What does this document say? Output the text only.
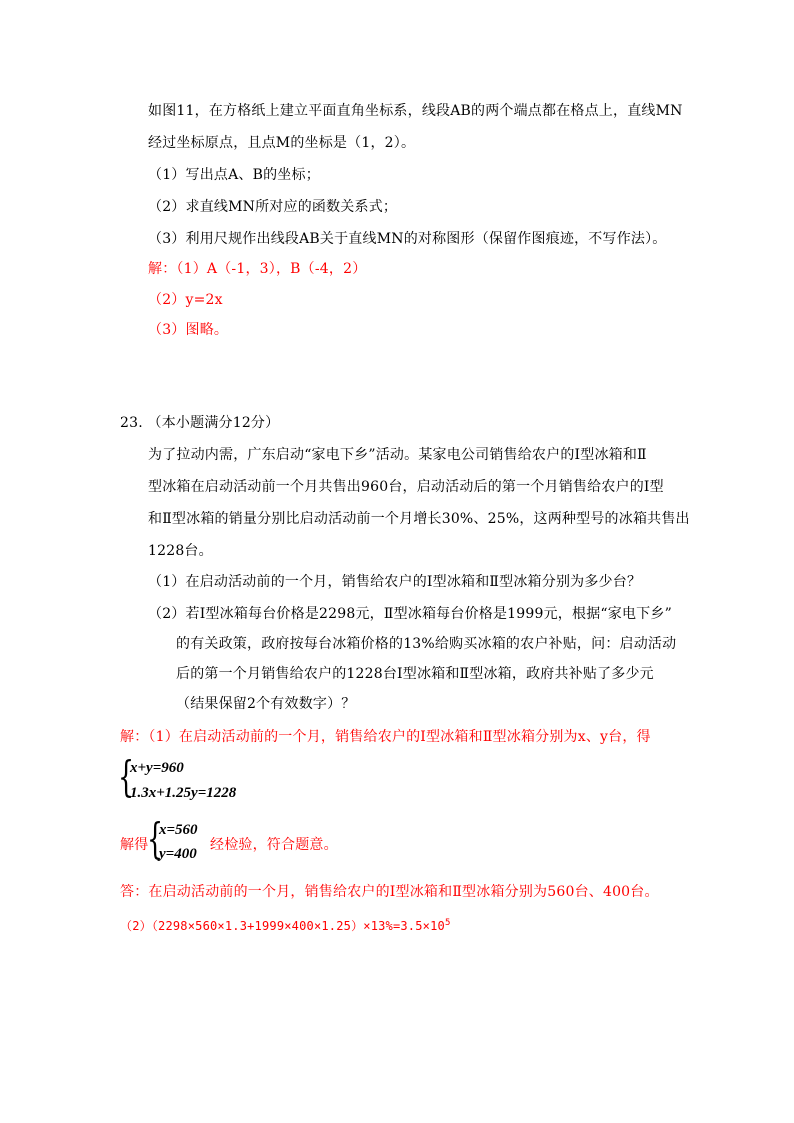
如图11，在方格纸上建立平面直角坐标系，线段AB的两个端点都在格点上，直线MN
经过坐标原点，且点M的坐标是（1，2）。
（1）写出点A、B的坐标；
（2）求直线MN所对应的函数关系式；
（3）利用尺规作出线段AB关于直线MN的对称图形（保留作图痕迹，不写作法）。
解：（1）A（-1，3），B（-4，2）
（2）y=2x
（3）图略。
23. （本小题满分12分）
为了拉动内需，广东启动“家电下乡”活动。某家电公司销售给农户的Ⅰ型冰箱和Ⅱ
型冰箱在启动活动前一个月共售出960台，启动活动后的第一个月销售给农户的Ⅰ型
和Ⅱ型冰箱的销量分别比启动活动前一个月增长30%、25%，这两种型号的冰箱共售出
1228台。
（1）在启动活动前的一个月，销售给农户的Ⅰ型冰箱和Ⅱ型冰箱分别为多少台？
（2）若Ⅰ型冰箱每台价格是2298元，Ⅱ型冰箱每台价格是1999元，根据“家电下乡”
的有关政策，政府按每台冰箱价格的13%给购买冰箱的农户补贴，问：启动活动
后的第一个月销售给农户的1228台Ⅰ型冰箱和Ⅱ型冰箱，政府共补贴了多少元
（结果保留2个有效数字）？
解：（1）在启动活动前的一个月，销售给农户的Ⅰ型冰箱和Ⅱ型冰箱分别为x、y台，得
{
x+y=960
1.3x+1.25y=1228
解得
{
x=560
y=400
经检验，符合题意。
答：在启动活动前的一个月，销售给农户的Ⅰ型冰箱和Ⅱ型冰箱分别为560台、400台。
$(2)(2298\times 560\times 1.3+1999\times 400\times 1.25)\times 13\%=3.5\times 10^5$
